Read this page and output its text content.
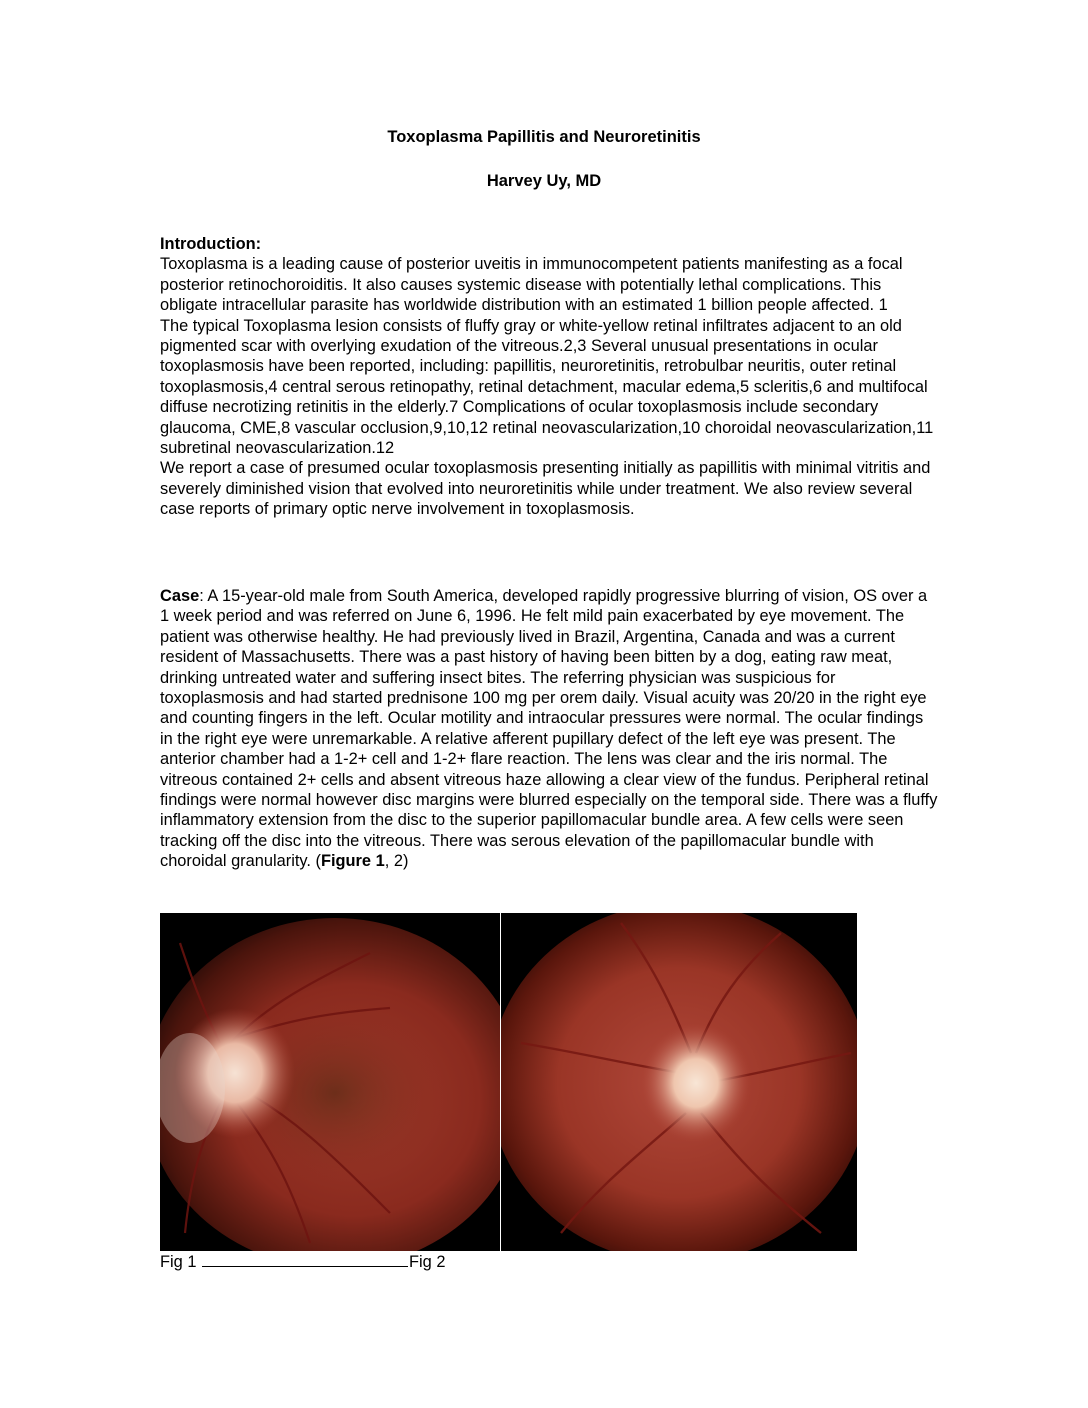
Toxoplasma Papillitis and Neuroretinitis
Harvey Uy, MD
Introduction:
Toxoplasma is a leading cause of posterior uveitis in immunocompetent patients manifesting as a focal posterior retinochoroiditis. It also causes systemic disease with potentially lethal complications. This obligate intracellular parasite has worldwide distribution with an estimated 1 billion people affected. 1
The typical Toxoplasma lesion consists of fluffy gray or white-yellow retinal infiltrates adjacent to an old pigmented scar with overlying exudation of the vitreous.2,3 Several unusual presentations in ocular toxoplasmosis have been reported, including: papillitis, neuroretinitis, retrobulbar neuritis, outer retinal toxoplasmosis,4 central serous retinopathy, retinal detachment, macular edema,5 scleritis,6 and multifocal diffuse necrotizing retinitis in the elderly.7 Complications of ocular toxoplasmosis include secondary glaucoma, CME,8 vascular occlusion,9,10,12 retinal neovascularization,10 choroidal neovascularization,11 subretinal neovascularization.12
We report a case of presumed ocular toxoplasmosis presenting initially as papillitis with minimal vitritis and severely diminished vision that evolved into neuroretinitis while under treatment. We also review several case reports of primary optic nerve involvement in toxoplasmosis.
Case: A 15-year-old male from South America, developed rapidly progressive blurring of vision, OS over a 1 week period and was referred on June 6, 1996. He felt mild pain exacerbated by eye movement. The patient was otherwise healthy. He had previously lived in Brazil, Argentina, Canada and was a current resident of Massachusetts. There was a past history of having been bitten by a dog, eating raw meat, drinking untreated water and suffering insect bites. The referring physician was suspicious for toxoplasmosis and had started prednisone 100 mg per orem daily. Visual acuity was 20/20 in the right eye and counting fingers in the left. Ocular motility and intraocular pressures were normal. The ocular findings in the right eye were unremarkable. A relative afferent pupillary defect of the left eye was present. The anterior chamber had a 1-2+ cell and 1-2+ flare reaction. The lens was clear and the iris normal. The vitreous contained 2+ cells and absent vitreous haze allowing a clear view of the fundus. Peripheral retinal findings were normal however disc margins were blurred especially on the temporal side. There was a fluffy inflammatory extension from the disc to the superior papillomacular bundle area. A few cells were seen tracking off the disc into the vitreous. There was serous elevation of the papillomacular bundle with choroidal granularity. (Figure 1, 2)
Fig 1	Fig 2
